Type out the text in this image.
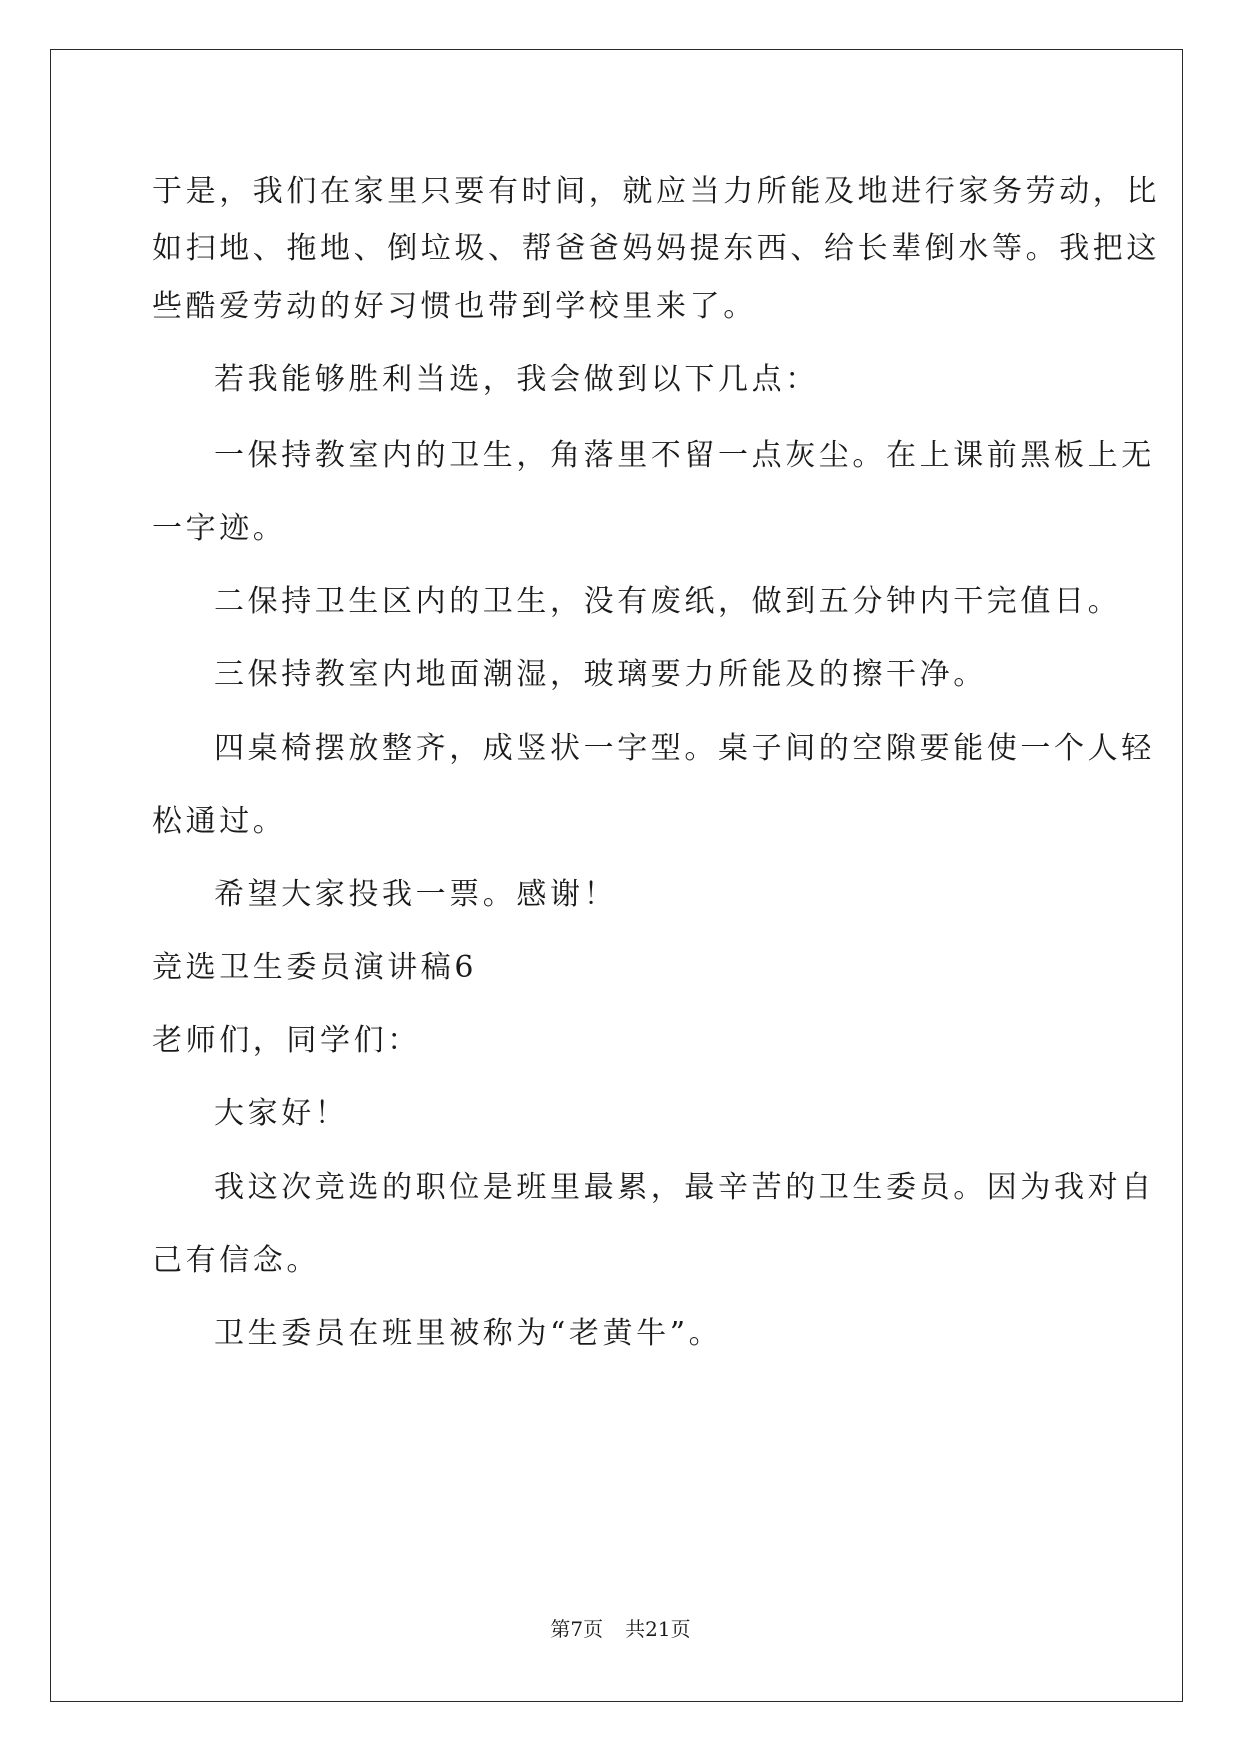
于是，我们在家里只要有时间，就应当力所能及地进行家务劳动，比
如扫地、拖地、倒垃圾、帮爸爸妈妈提东西、给长辈倒水等。我把这
些酷爱劳动的好习惯也带到学校里来了。
若我能够胜利当选，我会做到以下几点：
一保持教室内的卫生，角落里不留一点灰尘。在上课前黑板上无
一字迹。
二保持卫生区内的卫生，没有废纸，做到五分钟内干完值日。
三保持教室内地面潮湿，玻璃要力所能及的擦干净。
四桌椅摆放整齐，成竖状一字型。桌子间的空隙要能使一个人轻
松通过。
希望大家投我一票。感谢！
竞选卫生委员演讲稿6
老师们，同学们：
大家好！
我这次竞选的职位是班里最累，最辛苦的卫生委员。因为我对自
己有信念。
卫生委员在班里被称为“老黄牛”。
第7页 共21页
